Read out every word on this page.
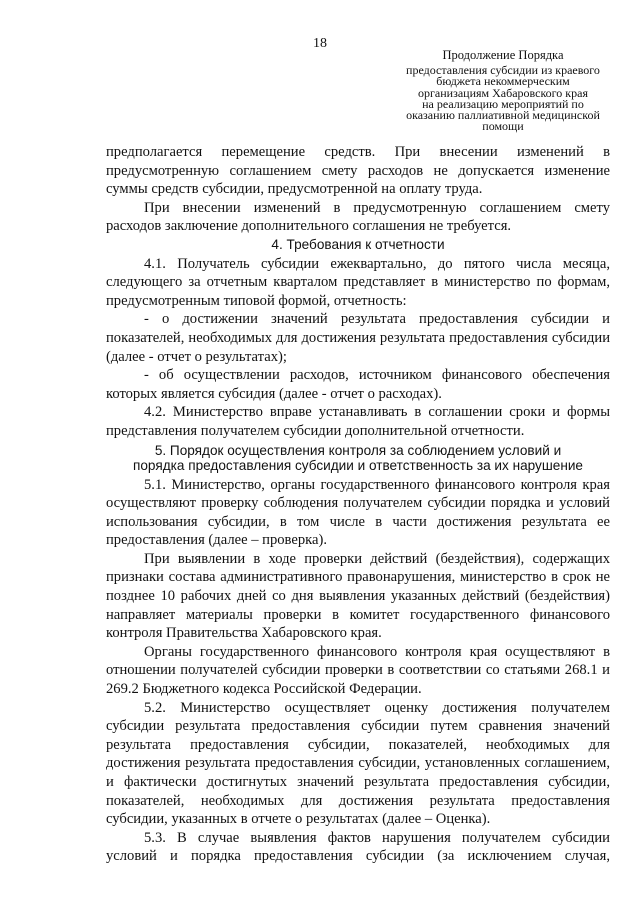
18
Продолжение Порядка
предоставления субсидии из краевого
бюджета некоммерческим
организациям Хабаровского края
на реализацию мероприятий по
оказанию паллиативной медицинской
помощи

предполагается перемещение средств. При внесении изменений в предусмотренную соглашением смету расходов не допускается изменение суммы средств субсидии, предусмотренной на оплату труда.

При внесении изменений в предусмотренную соглашением смету расходов заключение дополнительного соглашения не требуется.

4. Требования к отчетности

4.1. Получатель субсидии ежеквартально, до пятого числа месяца, следующего за отчетным кварталом представляет в министерство по формам, предусмотренным типовой формой, отчетность:

- о достижении значений результата предоставления субсидии и показателей, необходимых для достижения результата предоставления субсидии (далее - отчет о результатах);

- об осуществлении расходов, источником финансового обеспечения которых является субсидия (далее - отчет о расходах).

4.2. Министерство вправе устанавливать в соглашении сроки и формы представления получателем субсидии дополнительной отчетности.

5. Порядок осуществления контроля за соблюдением условий и
порядка предоставления субсидии и ответственность за их нарушение

5.1. Министерство, органы государственного финансового контроля края осуществляют проверку соблюдения получателем субсидии порядка и условий использования субсидии, в том числе в части достижения результата ее предоставления (далее – проверка).

При выявлении в ходе проверки действий (бездействия), содержащих признаки состава административного правонарушения, министерство в срок не позднее 10 рабочих дней со дня выявления указанных действий (бездействия) направляет материалы проверки в комитет государственного финансового контроля Правительства Хабаровского края.

Органы государственного финансового контроля края осуществляют в отношении получателей субсидии проверки в соответствии со статьями 268.1 и 269.2 Бюджетного кодекса Российской Федерации.

5.2. Министерство осуществляет оценку достижения получателем субсидии результата предоставления субсидии путем сравнения значений результата предоставления субсидии, показателей, необходимых для достижения результата предоставления субсидии, установленных соглашением, и фактически достигнутых значений результата предоставления субсидии, показателей, необходимых для достижения результата предоставления субсидии, указанных в отчете о результатах (далее – Оценка).

5.3. В случае выявления фактов нарушения получателем субсидии условий и порядка предоставления субсидии (за исключением случая,
